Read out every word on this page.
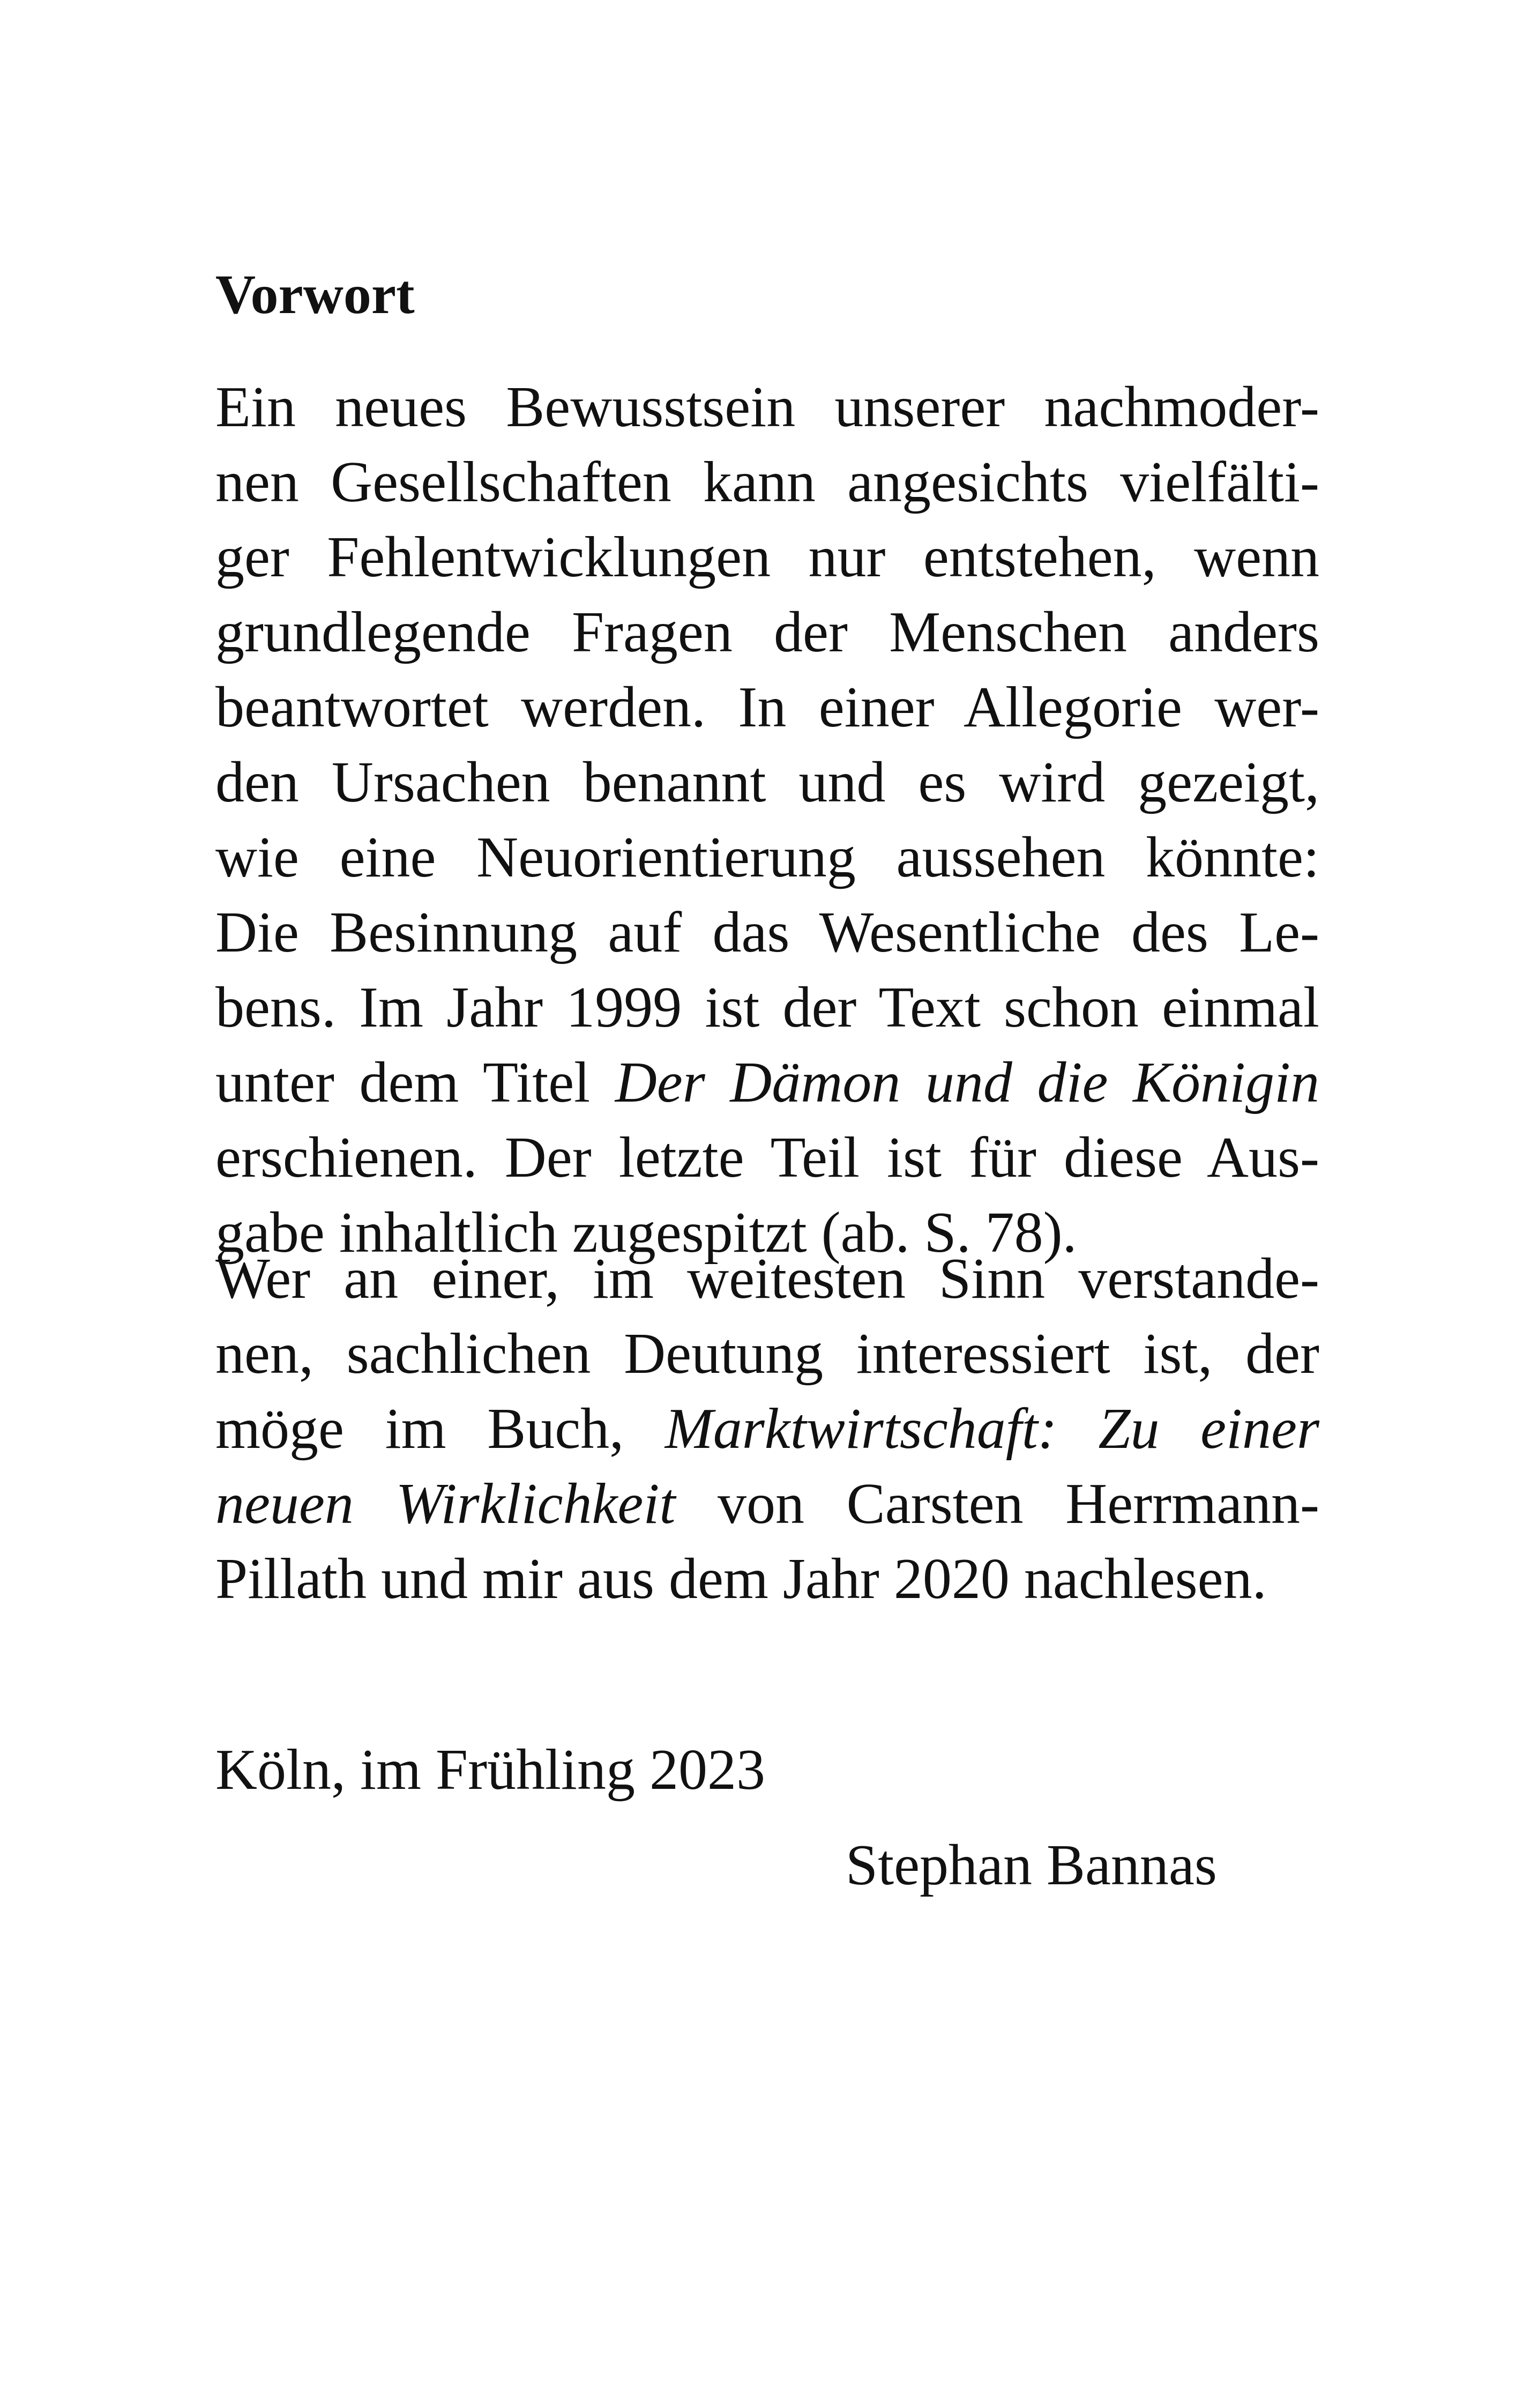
Vorwort

Ein neues Bewusstsein unserer nachmoder-
nen Gesellschaften kann angesichts vielfälti-
ger Fehlentwicklungen nur entstehen, wenn
grundlegende Fragen der Menschen anders
beantwortet werden. In einer Allegorie wer-
den Ursachen benannt und es wird gezeigt,
wie eine Neuorientierung aussehen könnte:
Die Besinnung auf das Wesentliche des Le-
bens. Im Jahr 1999 ist der Text schon einmal
unter dem Titel Der Dämon und die Königin
erschienen. Der letzte Teil ist für diese Aus-
gabe inhaltlich zugespitzt (ab. S. 78).

Wer an einer, im weitesten Sinn verstande-
nen, sachlichen Deutung interessiert ist, der
möge im Buch, Marktwirtschaft: Zu einer
neuen Wirklichkeit von Carsten Herrmann-
Pillath und mir aus dem Jahr 2020 nachlesen.

Köln, im Frühling 2023

Stephan Bannas
